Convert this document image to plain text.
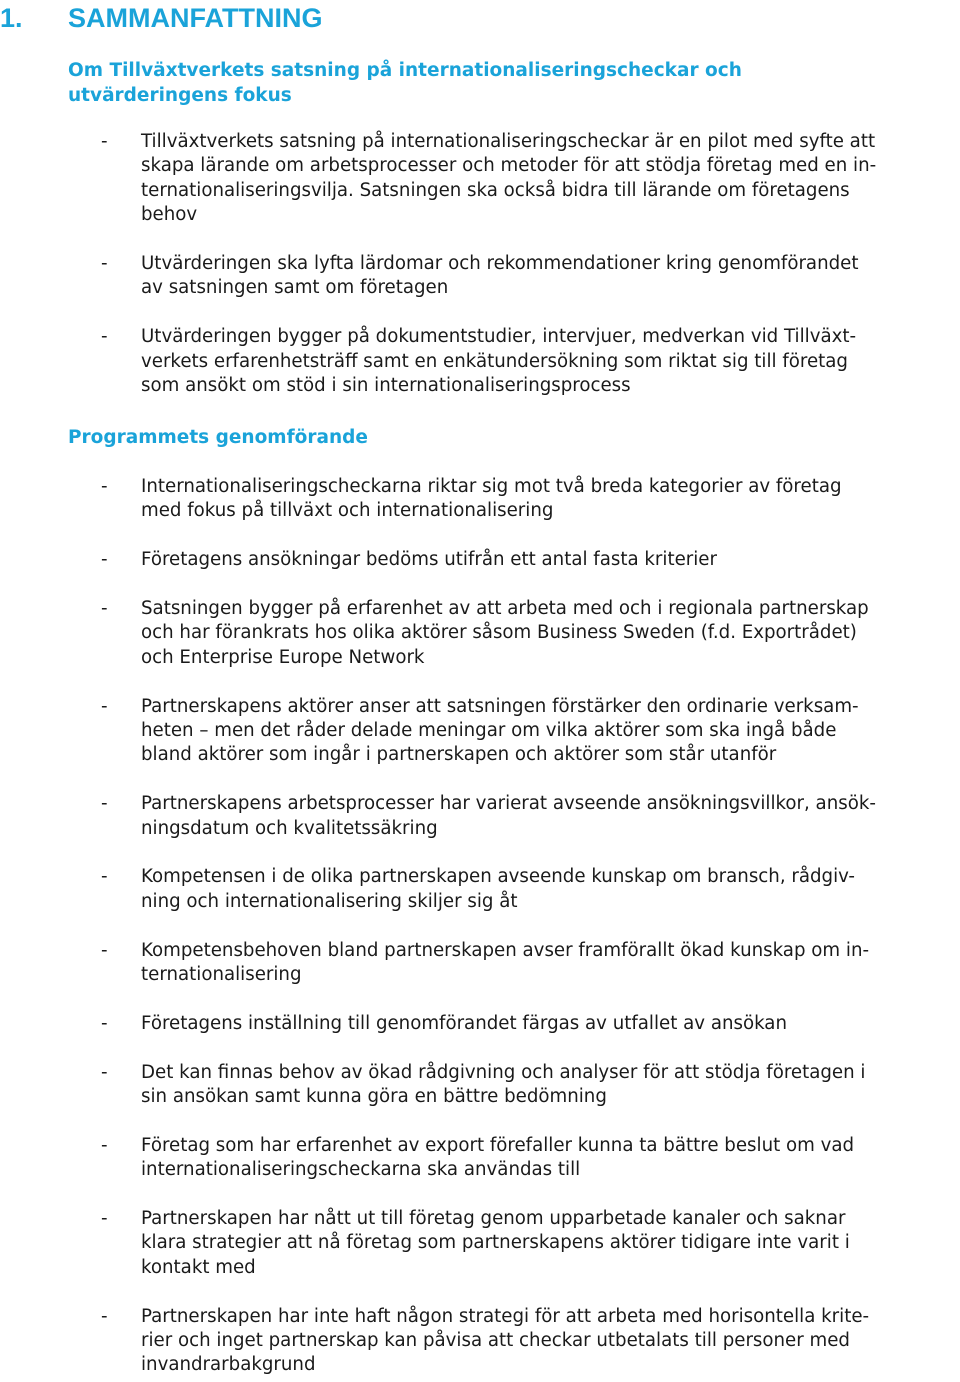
1. SAMMANFATTNING
Om Tillväxtverkets satsning på internationaliseringscheckar och
utvärderingens fokus
- Tillväxtverkets satsning på internationaliseringscheckar är en pilot med syfte att
skapa lärande om arbetsprocesser och metoder för att stödja företag med en in-
ternationaliseringsvilja. Satsningen ska också bidra till lärande om företagens
behov
- Utvärderingen ska lyfta lärdomar och rekommendationer kring genomförandet
av satsningen samt om företagen
- Utvärderingen bygger på dokumentstudier, intervjuer, medverkan vid Tillväxt-
verkets erfarenhetsträff samt en enkätundersökning som riktat sig till företag
som ansökt om stöd i sin internationaliseringsprocess
Programmets genomförande
- Internationaliseringscheckarna riktar sig mot två breda kategorier av företag
med fokus på tillväxt och internationalisering
- Företagens ansökningar bedöms utifrån ett antal fasta kriterier
- Satsningen bygger på erfarenhet av att arbeta med och i regionala partnerskap
och har förankrats hos olika aktörer såsom Business Sweden (f.d. Exportrådet)
och Enterprise Europe Network
- Partnerskapens aktörer anser att satsningen förstärker den ordinarie verksam-
heten – men det råder delade meningar om vilka aktörer som ska ingå både
bland aktörer som ingår i partnerskapen och aktörer som står utanför
- Partnerskapens arbetsprocesser har varierat avseende ansökningsvillkor, ansök-
ningsdatum och kvalitetssäkring
- Kompetensen i de olika partnerskapen avseende kunskap om bransch, rådgiv-
ning och internationalisering skiljer sig åt
- Kompetensbehoven bland partnerskapen avser framförallt ökad kunskap om in-
ternationalisering
- Företagens inställning till genomförandet färgas av utfallet av ansökan
- Det kan finnas behov av ökad rådgivning och analyser för att stödja företagen i
sin ansökan samt kunna göra en bättre bedömning
- Företag som har erfarenhet av export förefaller kunna ta bättre beslut om vad
internationaliseringscheckarna ska användas till
- Partnerskapen har nått ut till företag genom upparbetade kanaler och saknar
klara strategier att nå företag som partnerskapens aktörer tidigare inte varit i
kontakt med
- Partnerskapen har inte haft någon strategi för att arbeta med horisontella krite-
rier och inget partnerskap kan påvisa att checkar utbetalats till personer med
invandrarbakgrund
